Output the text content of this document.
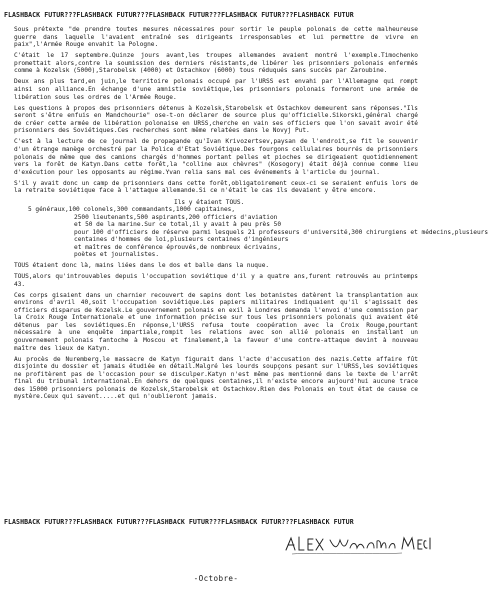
FLASHBACK FUTUR???FLASHBACK FUTUR???FLASHBACK FUTUR???FLASHBACK FUTUR???FLASHBACK FUTUR

Sous prétexte "de prendre toutes mesures nécessaires pour sortir le peuple polonais de cette malheureuse guerre dans laquelle l'avaient entraîné ses dirigeants irresponsables et lui permettre de vivre en paix",l'Armée Rouge envahit la Pologne.

C'était le 17 septembre.Quinze jours avant,les troupes allemandes avaient montré l'exemple.Timochenko promettait alors,contre la soumission des derniers résistants,de libérer les prisonniers polonais enfermés comme à Kozelsk (5000),Starobelsk (4000) et Ostachkov (6000) tous réduqués sans succès par Zaroubine.

Deux ans plus tard,en juin,le territoire polonais occupé par l'URSS est envahi par l'Allemagne qui rompt ainsi son alliance.En échange d'une amnistie soviétique,les prisonniers polonais formeront une armée de libération sous les ordres de l'Armée Rouge.

Les questions à propos des prisonniers détenus à Kozelsk,Starobelsk et Ostachkov demeurent sans réponses."Ils seront s'être enfuis en Mandchourie" ose-t-on déclarer de source plus qu'officielle.Sikorski,général chargé de créer cette armée de libération polonaise en URSS,cherche en vain ses officiers que l'on savait avoir été prisonniers des Soviétiques.Ces recherches sont même relatées dans le Novyj Put.

C'est à la lecture de ce journal de propagande qu'Ivan Krivozertsev,paysan de l'endroit,se fit le souvenir d'un étrange manège orchestré par la Police d'Etat Soviétique.Des fourgons cellulaires bourrés de prisonniers polonais de même que des camions chargés d'hommes portant pelles et pioches se dirigeaient quotidiennement vers la forêt de Katyn.Dans cette forêt,la "colline aux chèvres" (Kosogory) était déjà connue comme lieu d'exécution pour les opposants au régime.Yvan relia sans mal ces événements à l'article du journal.

S'il y avait donc un camp de prisonniers dans cette forêt,obligatoirement ceux-ci se seraient enfuis lors de la retraite soviétique face à l'attaque allemande.Si ce n'était le cas ils devaient y être encore.

Ils y étaient TOUS.
5 généraux,100 colonels,300 commandants,1000 capitaines,
2500 lieutenants,500 aspirants,200 officiers d'aviation
et 50 de la marine.Sur ce total,il y avait à peu près 50
pour 100 d'officiers de réserve parmi lesquels 21 professeurs d'université,300 chirurgiens et médecins,plusieurs
centaines d'hommes de loi,plusieurs centaines d'ingénieurs
et maîtres de conférence éprouvés,de nombreux écrivains,
poètes et journalistes.

TOUS étaient donc là, mains liées dans le dos et balle dans la nuque.

TOUS,alors qu'introuvables depuis l'occupation soviétique d'il y a quatre ans,furent retrouvés au printemps 43.

Ces corps gisaient dans un charnier recouvert de sapins dont les botanistes datèrent la transplantation aux environs d'avril 40,soit l'occupation soviétique.Les papiers militaires indiquaient qu'il s'agissait des officiers disparus de Kozelsk.Le gouvernement polonais en exil à Londres demanda l'envoi d'une commission par la Croix Rouge Internationale et une information précise sur tous les prisonniers polonais qui avaient été détenus par les soviétiques.En réponse,l'URSS refusa toute coopération avec la Croix Rouge,pourtant nécessaire à une enquête impartiale,rompit les relations avec son allié polonais en installant un gouvernement polonais fantoche à Moscou et finalement,à la faveur d'une contre-attaque devint à nouveau maître des lieux de Katyn.

Au procès de Nuremberg,le massacre de Katyn figurait dans l'acte d'accusation des nazis.Cette affaire fût disjointe du dossier et jamais étudiée en détail.Malgré les lourds soupçons pesant sur l'URSS,les soviétiques ne profitèrent pas de l'occasion pour se disculper.Katyn n'est même pas mentionné dans le texte de l'arrêt final du tribunal international.En dehors de quelques centaines,il n'existe encore aujourd'hui aucune trace des 15000 prisonniers polonais de Kozelsk,Starobelsk et Ostachkov.Rien des Polonais en tout état de cause ce mystère.Ceux qui savent.....et qui n'oublieront jamais.

FLASHBACK FUTUR???FLASHBACK FUTUR???FLASHBACK FUTUR???FLASHBACK FUTUR???FLASHBACK FUTUR
-Octobre-
